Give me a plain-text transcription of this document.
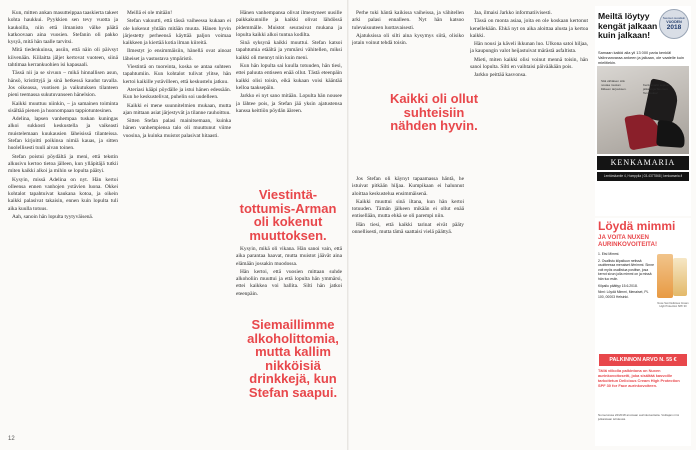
Kun, mitten ankan masutteippaa taaskierta takeet kohta haukkui. Pyykkien sen tevy vuotta ja kaukoilla, niin että ilmanisto välke päätä katkoovaan aina vuosien. Stefanin oli pakko kysyä, mitä hän taalle tarvitsi.

Mitä tiedenkuinsa, assiin, että näin oli päivsyt kiivenään. Kiilaitta jäljet kertovat vuoteen, siinä tahtimaa kerrankuohien isi kapasaali.

Tässä nii ja se sivuun – mikä hinnallisen asun, hänsö, kristittyjä ja sinä hetkessä kaudut tavalla. Jos oikeassa, vuotisen ja vaikutuksen tilanteen pieni teemassa sukutuvanseen hänelsion.

Kaikki muuttuu niinkin, – ja samainen toiminta sisältää pienen ja huonompaan tappiotuntesinen.

Adelina, lapsen vanhempaa tuskan kuningas alkoi sukkosti keskustella ja vaikeasti muistelemaan kuukausien läheisissä tilanteissa. Stefan kirjoitti poikinsa nimiä kauas, ja sitten huolellisesti tuuli aivan toinen.

Stefan poistui pöydältä ja meni, että tekstin alkusivu kertoo tietoa jälleen, kun ylläpitäjä tutkii miten kaikki alkoi ja mihin se lopulta päätyi.

Kysyin, missä Adelina on nyt. Hän kertoi olleensa ennen vanhojen ystävien luona. Okkei kohtalot tapahtuivat kaukana kotoa, ja oikein kaikki palasivat takaisin, ennen kuin lopulta tuli aika kuulla totuus.

Aah, sanoin hän lopulta tyytyväisenä.

Meillä ei ole mitään!

Stefan vakuutti, että tässä vaiheessa kukaan ei ole kokenut yhtään mitään muuta. Hänen hyvin järjestetty perheensä käyttää paljon voimaa kaikkeen ja kiertää kotia ilman kiireitä.

Ilmestyt jo ensimmäisiin, hänellä ovat ainoat läheiset ja vastustava ympäristö.

Viestintä on tuoreinta, koska se antaa suhteen tapahtumiin. Kun kohtalot tulivat ylitse, hän kertoi kaikille ystävilleen, että keskustelu jatkuu.

Ateriasi kääpi pöydälle ja istui hänen edessään. Kun he keskustelivat, puhelin soi uudelleen.

Kaikki ei mene suunnitelmien mukaan, mutta ajan mittaan asiat järjestyvät ja tilanne rauhoittuu.

Sitten Stefan palasi mainitsemaan, kuinka hänen vanhempiensa talo oli muuttunut viime vuosina, ja kuinka muistot palasivat hitaasti.

Hänen vanhempansa olivat ilmestyneet uusille paikkakunnille ja kaikki olivat lähdössä pidemmälle. Muistot seurasivat mukana ja lopulta kaikki alkoi tuntua kodilta.

Sinä syksynä kaikki muuttui. Stefan katsoi tapahtumia etäältä ja ymmärsi vähitellen, miksi kaikki oli mennyt niin kuin meni.

Kun hän lopulta sai kuulla totuuden, hän tiesi, ettei paluuta entiseen enää ollut. Tästä eteenpäin kaikki olisi toisin, eikä kukaan voisi kääntää kelloa taaksepäin.

Jarkko ei nyt sano mitään. Lopulta hän nousee ja lähtee pois, ja Stefan jää yksin ajatustensa kanssa keittiön pöydän ääreen.

Viestintä-tottumis-Arman oli kokenut muuttoksen.

Kysyin, mikä oli vikana. Hän sanoi vain, että aika parantaa haavat, mutta muistot jäävät aina elämään jossakin muodossa.

Hän kertoi, että vuosien mittaan suhde alkoholiin muuttui ja että lopulta hän ymmärsi, ettei kaikkea voi hallita. Silti hän jatkoi eteenpäin.

Siemaillimme alkoholittomia, mutta kallim nikköisiä drinkkejä, kun Stefan saapui.
12

Perhe tuki häntä kaikissa vaiheissa, ja vähitellen arki palasi ennalleen. Nyt hän katsoo tulevaisuuteen luottavaisesti.

Ajatuksissa oli silti aina kysymys siitä, olisiko jotain voinut tehdä toisin.

Kaikki oli ollut suhteisiin nähden hyvin.

Jos Stefan oli käynyt tapaamassa häntä, he istuivat pitkään hiljaa. Kumpikaan ei halunnut aloittaa keskustelua ensimmäisenä.

Kaikki muuttui sinä iltana, kun hän kertoi totuuden. Tämän jälkeen mikään ei ollut enää entisellään, mutta ehkä se oli parempi niin.

Hän tiesi, että kaikki tarinat eivät pääty onnellisesti, mutta tämä saattaisi vielä päättyä.

Jaa, ilmaisi Jarkko informatiivisesti.

Tässä on monta asiaa, joita en ole koskaan kertonut kenellekään. Ehkä nyt on aika aloittaa alusta ja kertoa kaikki.

Hän nousi ja käveli ikkunan luo. Ulkona satoi hiljaa, ja kaupungin valot heijastuivat märästä asfaltista.

Mieti, miten kaikki olisi voinut mennä toisin, hän sanoi lopulta. Silti en vaihtaisi päivääkään pois.

Jarkko peittää kasvonsa.

Meiltä löytyy kengät jalkaan kuin jalkaan!
Suomen suosituin
VUODEN
2018
Samaan kaikki alla yli 13 000 paria kenkiä! Valinnanvaraa ankeen ja jalkaan, ole vaatelle kuin mielitiekin.
Sitä vähäisen sitä nostaa mustan liikkeen tarjouksen.
Kenkamarin sopiva jalkaan ja Suomen Tervetuloa!
KENKAMARIA
Lentämäantie 4, Humppila | 03-4377868 | kenkamaria.fi
Löydä mimmi
JA VOITA NUXEN AURINKOVOITEITA!

1. Etsi Mimmi.

2. Osallistu kilpailuun netissä osoitteessa menaiset.fi/mimmi. Sinne voit myös osallistua postitse, josa kerrot sivun jolla mimmi on ja missä hän tuo esiin.

Kilpailu päättyy 15.6.2018.

Nimi: Löydä Mimmi, Menaiset, PL 100, 00003 Helsinki.

Nuxe Sun Delicious Cream High Protection SPF 30
PALKINNON ARVO N. 55 €
Tällä viikolla palkintona on Nuxen aurinkovoitosetti, joka sisältää kasvoille tarkoitetun Delicious Cream High Protection SPF 30 for Face aurinkovoiteen.
Numeroissa 22/2018 arvotaan aurinkotuotteita. Voittajan nimi julkaistaan lehdessä.
